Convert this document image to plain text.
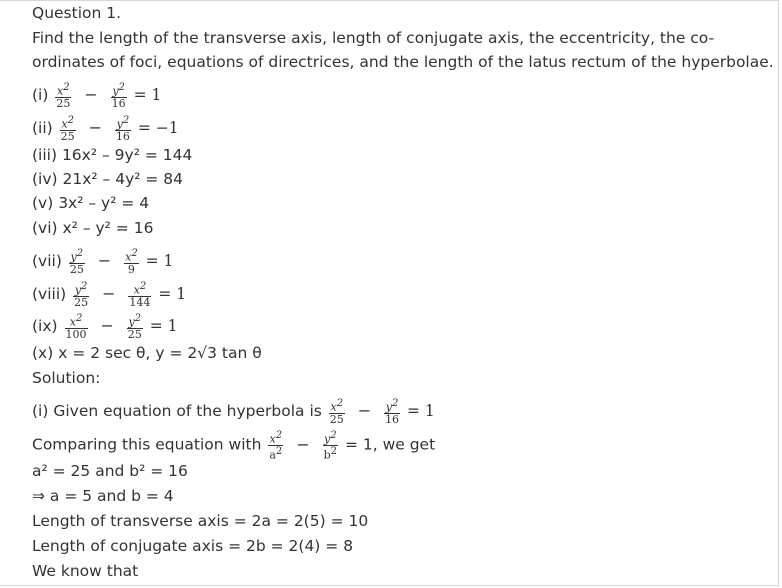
Question 1.
Find the length of the transverse axis, length of conjugate axis, the eccentricity, the co-
ordinates of foci, equations of directrices, and the length of the latus rectum of the hyperbolae.
$(i) \frac{x^2}{25} - \frac{y^2}{16} = 1$
$(ii) \frac{x^2}{25} - \frac{y^2}{16} = -1$
(iii) 16x² – 9y² = 144
(iv) 21x² – 4y² = 84
(v) 3x² – y² = 4
(vi) x² – y² = 16
$(vii) \frac{y^2}{25} - \frac{x^2}{9} = 1$
(viii) $\frac{y^2}{25} - \frac{x^2}{144} = 1$
$(ix) \frac{x^2}{100} - \frac{y^2}{25} = 1$
(x) x = 2 sec θ, y = 2√3 tan θ
Solution:
(i) Given equation of the hyperbola is $\frac{x^2}{25} - \frac{y^2}{16} = 1$
Comparing this equation with $\frac{x^2}{a^2} - \frac{y^2}{b^2} = 1$, we get
a² = 25 and b² = 16
⇒ a = 5 and b = 4
Length of transverse axis = 2a = 2(5) = 10
Length of conjugate axis = 2b = 2(4) = 8
We know that
